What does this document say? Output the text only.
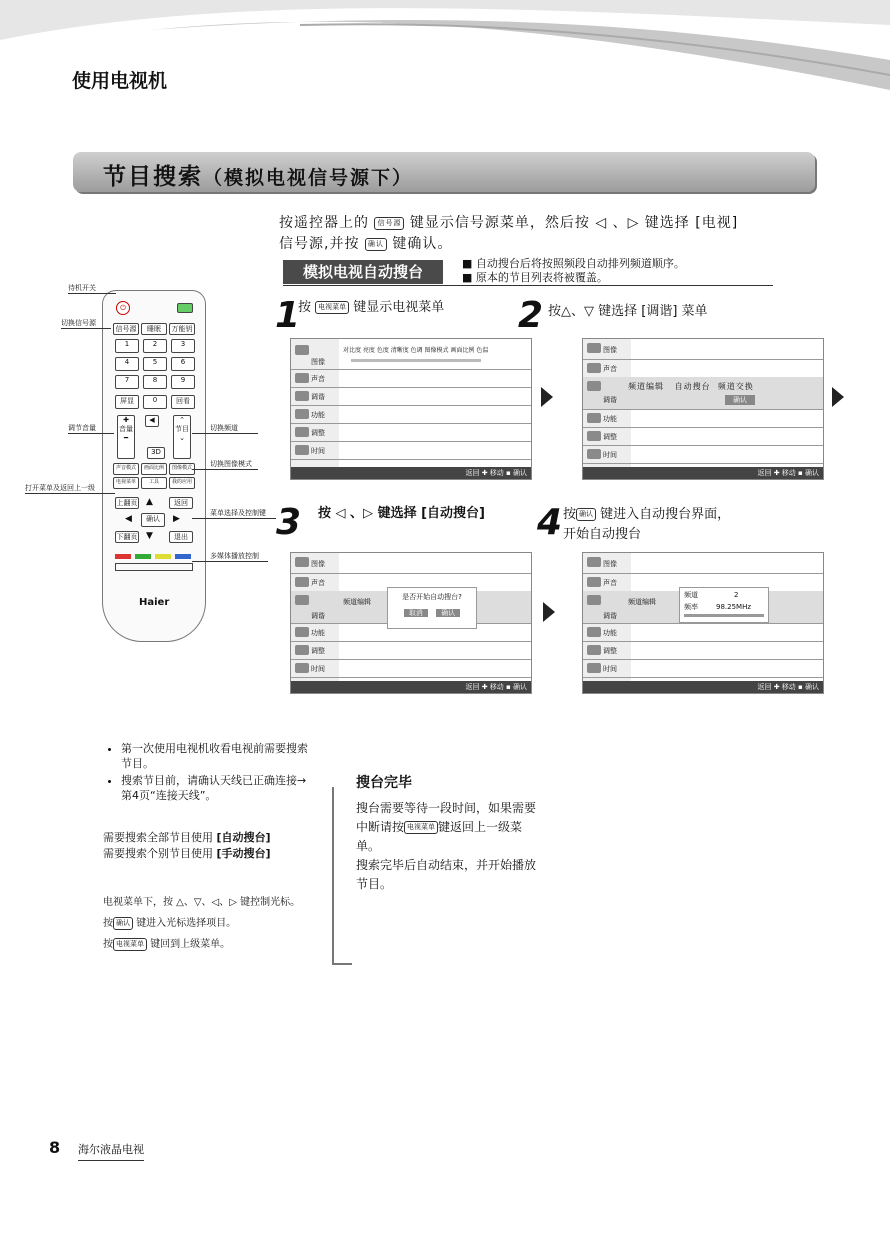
使用电视机
节目搜索（模拟电视信号源下）
按遥控器上的 信号源 键显示信号源菜单，然后按 ◁ 、▷ 键选择 [电视]
信号源,并按 确认 键确认。
模拟电视自动搜台	■ 自动搜台后将按照频段自动排列频道顺序。
■ 原本的节目列表将被覆盖。
1
按 电视菜单 键显示电视菜单 2 按△、▽ 键选择 [调谐] 菜单
图像
对比度 亮度 色度 清晰度 色调 图像模式 画面比例 色温
声音
调谐
功能
调整
时间
返回 ✚ 移动 ▪ 确认
图像
声音
调谐
频道编辑 自动搜台 频道交换
确认
功能
调整
时间
返回 ✚ 移动 ▪ 确认
3 按 ◁ 、▷ 键选择 [自动搜台] 4 按 确认 键进入自动搜台界面，开始自动搜台
图像
声音
调谐
频道编辑
是否开始自动搜台?
取消	确认
功能
调整
时间
返回 ✚ 移动 ▪ 确认
图像
声音
调谐
频道编辑
频道	2
频率	98.25MHz
功能
调整
时间
返回 ✚ 移动 ▪ 确认
⏻
信号源	睡眠	万能钥
1	2	3
4	5	6
7	8	9
屏显	0	回看
✚
音量
━
◀
3D
⌃
节目
⌄
声音模式	画面比例	图像模式
电视菜单	工具	我的应用
上翻页	返回
确认
下翻页	退出
▲
◀	▶
▼
Haier
待机开关
切换信号源
调节音量	切换频道
切换图像模式
打开菜单及返回上一级
菜单选择及控制键
多媒体播放控制
• 第一次使用电视机收看电视前需要搜索节目。
• 搜索节目前，请确认天线已正确连接→第4页“连接天线”。
需要搜索全部节目使用 [自动搜台]
需要搜索个别节目使用 [手动搜台]
电视菜单下，按 △、▽、◁、▷ 键控制光标。
按 确认 键进入光标选择项目。
按 电视菜单 键回到上级菜单。
搜台完毕
搜台需要等待一段时间，如果需要中断请按 电视菜单 键返回上一级菜单。
搜索完毕后自动结束，并开始播放节目。
8 海尔液晶电视
